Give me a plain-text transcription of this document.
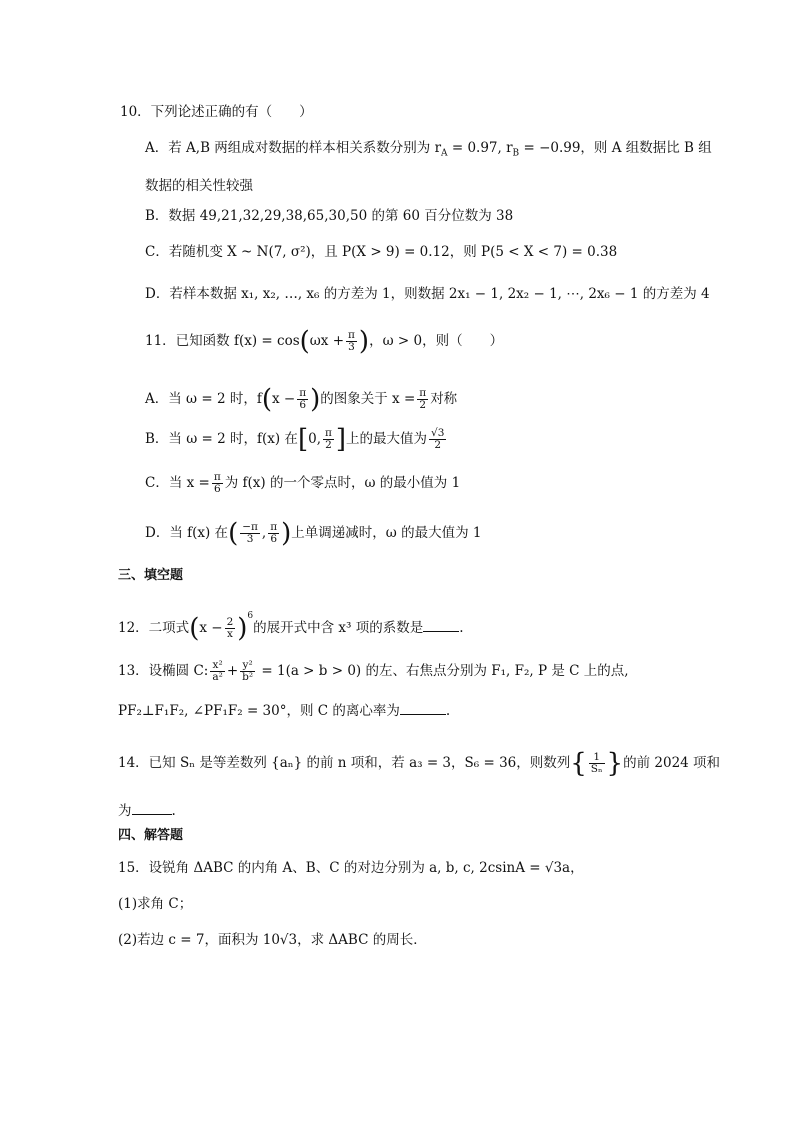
10．下列论述正确的有（　　）
A．若 A,B 两组成对数据的样本相关系数分别为 $r_A = 0.97$, $r_B = -0.99$，则 A 组数据比 B 组
数据的相关性较强
B．数据 49,21,32,29,38,65,30,50 的第 60 百分位数为 38
C．若随机变 X ~ N(7, σ²)，且 P(X > 9) = 0.12，则 P(5 < X < 7) = 0.38
D．若样本数据 x₁, x₂, …, x₆ 的方差为 1，则数据 2x₁ − 1, 2x₂ − 1, ⋯, 2x₆ − 1 的方差为 4
11．已知函数 $f(x) = \cos(\omega x + \frac{\pi}{3}$ )，ω > 0，则（　　）
A．当 ω = 2 时，$f(x - \frac{\pi}{6}$ )的图象关于 $x = \frac{\pi}{2}$ 对称
B．当 ω = 2 时，f(x) 在[0, $\frac{\pi}{2}$ ]上的最大值为 $\frac{√3}{2}$
C．当 $x = \frac{\pi}{6}$ 为 f(x) 的一个零点时，ω 的最小值为 1
D．当 f(x) 在( $\frac{-\pi}{3}$ , $\frac{\pi}{6}$ )上单调递减时，ω 的最大值为 1
三、填空题
12．二项式$(x - \frac{2}{x} )^6$的展开式中含 x³ 项的系数是	.
13．设椭圆 C: $\frac{\text{x²}}{\text{a²}} + \frac{\text{y²}}{\text{b²}} = 1(a > b > 0)$ 的左、右焦点分别为 F₁, F₂, P 是 C 上的点,
PF₂⊥F₁F₂, ∠PF₁F₂ = 30°，则 C 的离心率为	.
14．已知 Sₙ 是等差数列 {aₙ} 的前 n 项和，若 a₃ = 3，S₆ = 36，则数列{ $\frac{1}{\text{Sₙ}}$ }的前 2024 项和
为	.
四、解答题
15．设锐角 ΔABC 的内角 A、B、C 的对边分别为 a, b, c, 2csinA = √3a，
(1)求角 C；
(2)若边 c = 7，面积为 10√3，求 ΔABC 的周长．
